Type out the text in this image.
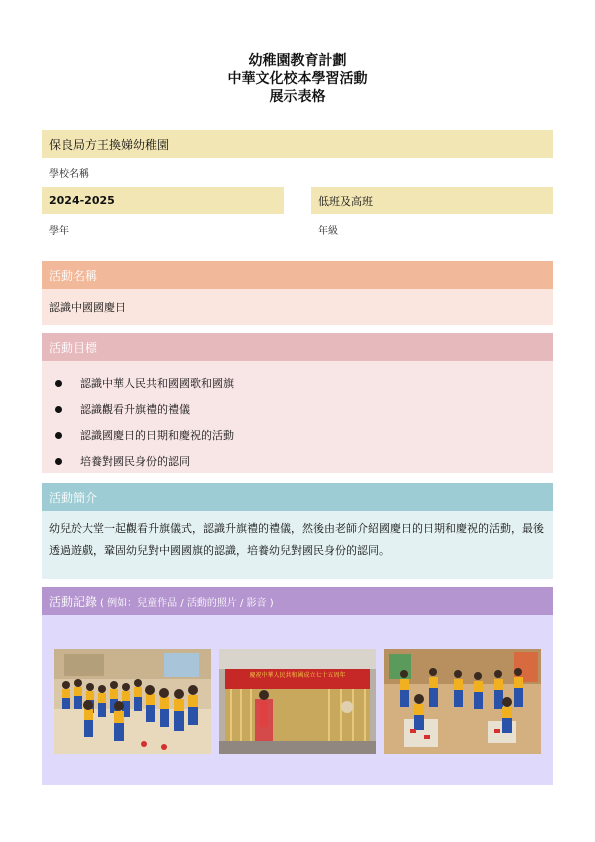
幼稚園教育計劃
中華文化校本學習活動
展示表格
保良局方王換娣幼稚園
學校名稱
2024-2025
學年
低班及高班
年級
活動名稱
認識中國國慶日
活動目標
認識中華人民共和國國歌和國旗
認識觀看升旗禮的禮儀
認識國慶日的日期和慶祝的活動
培養對國民身份的認同
活動簡介
幼兒於大堂一起觀看升旗儀式，認識升旗禮的禮儀，然後由老師介紹國慶日的日期和慶祝的活動，最後透過遊戲，鞏固幼兒對中國國旗的認識，培養幼兒對國民身份的認同。
活動記錄 ( 例如：兒童作品 / 活動的照片 / 影音 )
慶祝中華人民共和國成立七十五周年
